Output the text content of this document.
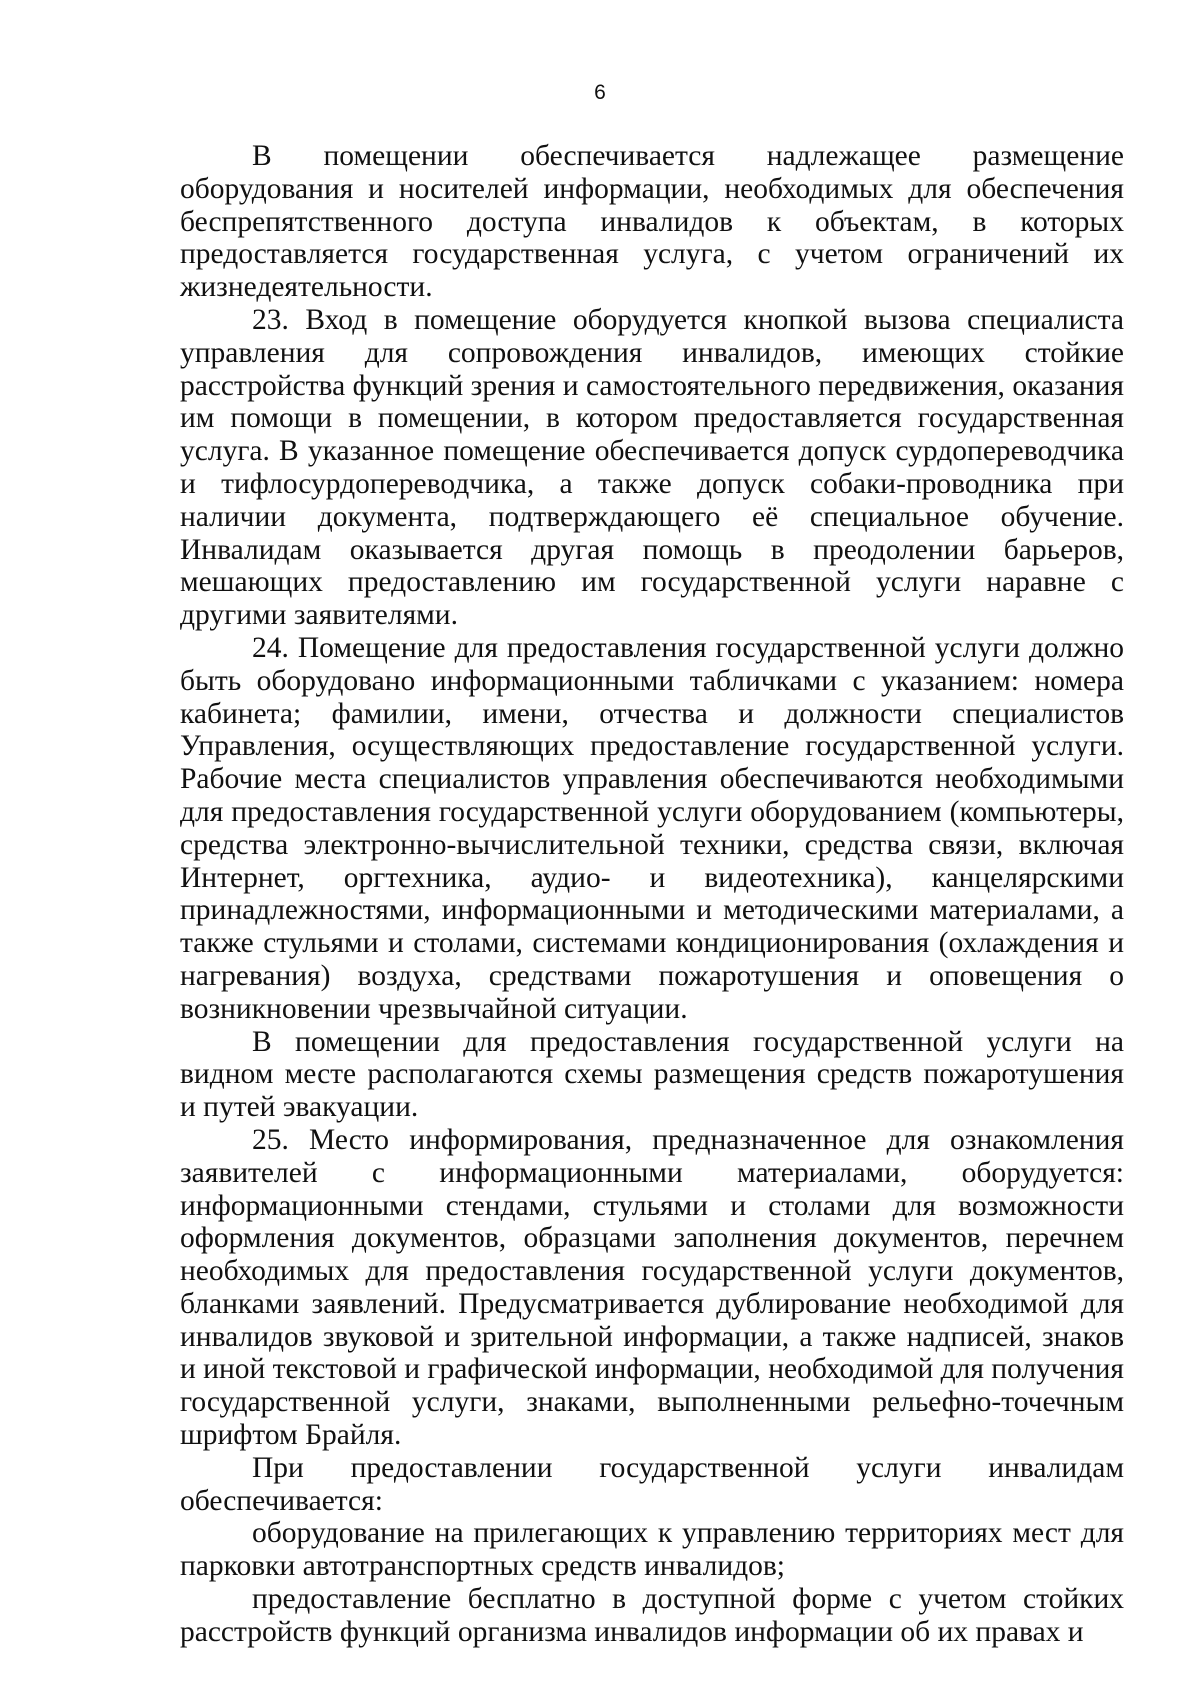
6

В помещении обеспечивается надлежащее размещение оборудования и носителей информации, необходимых для обеспечения беспрепятственного доступа инвалидов к объектам, в которых предоставляется государственная услуга, с учетом ограничений их жизнедеятельности.

23. Вход в помещение оборудуется кнопкой вызова специалиста управления для сопровождения инвалидов, имеющих стойкие расстройства функций зрения и самостоятельного передвижения, оказания им помощи в помещении, в котором предоставляется государственная услуга. В указанное помещение обеспечивается допуск сурдопереводчика и тифлосурдопереводчика, а также допуск собаки-проводника при наличии документа, подтверждающего её специальное обучение. Инвалидам оказывается другая помощь в преодолении барьеров, мешающих предоставлению им государственной услуги наравне с другими заявителями.

24. Помещение для предоставления государственной услуги должно быть оборудовано информационными табличками с указанием: номера кабинета; фамилии, имени, отчества и должности специалистов Управления, осуществляющих предоставление государственной услуги. Рабочие места специалистов управления обеспечиваются необходимыми для предоставления государственной услуги оборудованием (компьютеры, средства электронно-вычислительной техники, средства связи, включая Интернет, оргтехника, аудио- и видеотехника), канцелярскими принадлежностями, информационными и методическими материалами, а также стульями и столами, системами кондиционирования (охлаждения и нагревания) воздуха, средствами пожаротушения и оповещения о возникновении чрезвычайной ситуации.

В помещении для предоставления государственной услуги на видном месте располагаются схемы размещения средств пожаротушения и путей эвакуации.

25. Место информирования, предназначенное для ознакомления заявителей с информационными материалами, оборудуется: информационными стендами, стульями и столами для возможности оформления документов, образцами заполнения документов, перечнем необходимых для предоставления государственной услуги документов, бланками заявлений. Предусматривается дублирование необходимой для инвалидов звуковой и зрительной информации, а также надписей, знаков и иной текстовой и графической информации, необходимой для получения государственной услуги, знаками, выполненными рельефно-точечным шрифтом Брайля.

При предоставлении государственной услуги инвалидам обеспечивается:

оборудование на прилегающих к управлению территориях мест для парковки автотранспортных средств инвалидов;

предоставление бесплатно в доступной форме с учетом стойких расстройств функций организма инвалидов информации об их правах и
